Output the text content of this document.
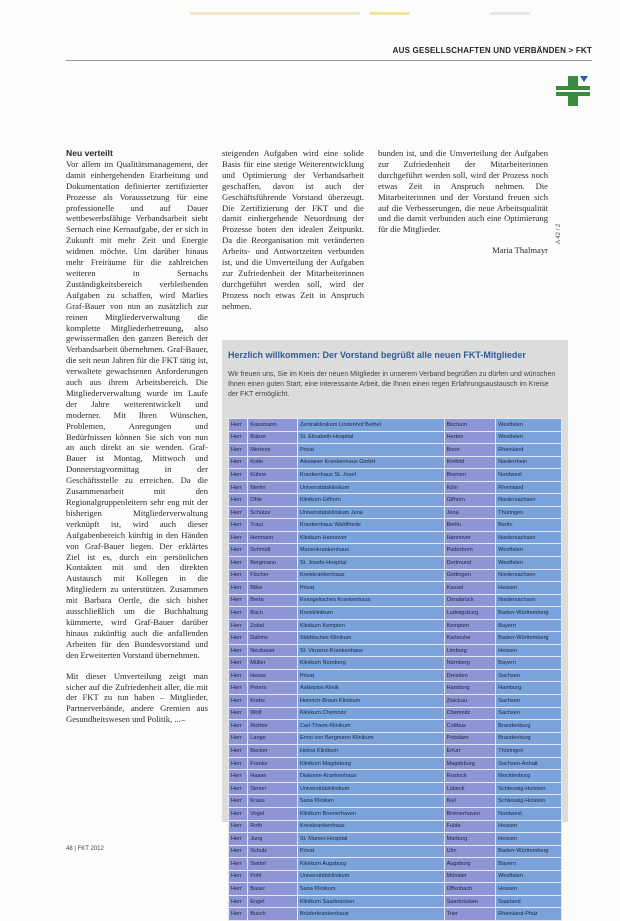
AUS GESELLSCHAFTEN UND VERBÄNDEN > FKT
Neu verteilt

Vor allem im Qualitätsmanagement, der damit einhergehenden Erarbeitung und Dokumentation definierter zertifizierter Prozesse als Voraussetzung für eine professionelle und auf Dauer wettbewerbsfähige Verbandsarbeit sieht Sernach eine Kernaufgabe, der er sich in Zukunft mit mehr Zeit und Energie widmen möchte. Um darüber hinaus mehr Freiräume für die zahlreichen weiteren in Sernachs Zuständigkeitsbereich verbleibenden Aufgaben zu schaffen, wird Marlies Graf-Bauer von nun an zusätzlich zur reinen Mitgliederverwaltung die komplette Mitgliederbetreuung, also gewissermaßen den ganzen Bereich der Verbandsarbeit übernehmen. Graf-Bauer, die seit neun Jahren für die FKT tätig ist, verwaltete gewachsenen Anforderungen auch aus ihrem Arbeitsbereich. Die Mitgliederverwaltung wurde im Laufe der Jahre weiterentwickelt und moderner. Mit Ihren Wünschen, Problemen, Anregungen und Bedürfnissen können Sie sich von nun an auch direkt an sie wenden. Graf-Bauer ist Montag, Mittwoch und Donnerstagvormittag in der Geschäftsstelle zu erreichen. Da die Zusammenarbeit mit den Regionalgruppenleitern sehr eng mit der bisherigen Mitgliederverwaltung verknüpft ist, wird auch dieser Aufgabenbereich künftig in den Händen von Graf-Bauer liegen. Der erklärtes Ziel ist es, durch ein persönlichen Kontakten mit und den direkten Austausch mit Kollegen in die Mitgliedern zu unterstützen. Zusammen mit Barbara Oertle, die sich bisher ausschließlich um die Buchhaltung kümmerte, wird Graf-Bauer darüber hinaus zukünftig auch die anfallenden Arbeiten für den Bundesvorstand und den Erweiterten Vorstand übernehmen.

Mit dieser Umverteilung zeigt man sicher auf die Zufriedenheit aller, die mit der FKT zu tun haben – Mitglieder, Partnerverbände, andere Gremien aus Gesundheitswesen und Politik, ...–

steigenden Aufgaben wird eine solide Basis für eine stetige Weiterentwicklung und Optimierung der Verbandsarbeit geschaffen, davon ist auch der Geschäftsführende Vorstand überzeugt. Die Zertifizierung der FKT und die damit einhergehende Neuordnung der Prozesse boten den idealen Zeitpunkt. Da die Reorganisation mit veränderten Arbeits- und Antwortzeiten verbunden ist, und die Umverteilung der Aufgaben zur Zufriedenheit der Mitarbeiterinnen durchgeführt werden soll, wird der Prozess noch etwas Zeit in Anspruch nehmen.

bunden ist, und die Umverteilung der Aufgaben zur Zufriedenheit der Mitarbeiterinnen durchgeführt werden soll, wird der Prozess noch etwas Zeit in Anspruch nehmen. Die Mitarbeiterinnen und der Vorstand freuen sich auf die Verbesserungen, die neue Arbeitsqualität und die damit verbunden auch eine Optimierung für die Mitglieder.

Maria Thalmayr
A 42 / 2
Herzlich willkommen: Der Vorstand begrüßt alle neuen FKT-Mitglieder
Wir freuen uns, Sie im Kreis der neuen Mitglieder in unserem Verband begrüßen zu dürfen und wünschen Ihnen einen guten Start, eine interessante Arbeit, die Ihnen einen regen Erfahrungsaustausch im Kreise der FKT ermöglicht.
Herr	Kassmann	Zentralklinikum Lindenhof Bethel	Bochum	Westfalen
Herr	Balzer	St. Elisabeth-Hospital	Herten	Westfalen
Herr	Mertens	Privat	Bonn	Rheinland
Herr	Kotte	Alexianer Krankenhaus GmbH	Krefeld	Niederrhein
Herr	Kühne	Krankenhaus St. Josef	Bremen	Nordwest
Herr	Merlin	Universitätsklinikum	Köln	Rheinland
Herr	Ohle	Klinikum Gifhorn	Gifhorn	Niedersachsen
Herr	Schütze	Universitätsklinikum Jena	Jena	Thüringen
Herr	Traut	Krankenhaus Waldfriede	Berlin	Berlin
Herr	Hermann	Klinikum Hannover	Hannover	Niedersachsen
Herr	Schmidt	Marienkrankenhaus	Paderborn	Westfalen
Herr	Bergmann	St. Josefs-Hospital	Dortmund	Westfalen
Herr	Fischer	Kreiskrankenhaus	Göttingen	Niedersachsen
Herr	Bilke	Privat	Kassel	Hessen
Herr	Berta	Evangelisches Krankenhaus	Osnabrück	Niedersachsen
Herr	Bach	Kreisklinikum	Ludwigsburg	Baden-Württemberg
Herr	Zobel	Klinikum Kempten	Kempten	Bayern
Herr	Dahme	Städtisches Klinikum	Karlsruhe	Baden-Württemberg
Herr	Neubauer	St. Vinzenz-Krankenhaus	Limburg	Hessen
Herr	Müller	Klinikum Nürnberg	Nürnberg	Bayern
Herr	Hesse	Privat	Dresden	Sachsen
Herr	Peters	Asklepios Klinik	Hamburg	Hamburg
Herr	Krebs	Heinrich-Braun-Klinikum	Zwickau	Sachsen
Herr	Wolf	Klinikum Chemnitz	Chemnitz	Sachsen
Herr	Richter	Carl-Thiem-Klinikum	Cottbus	Brandenburg
Herr	Lange	Ernst von Bergmann Klinikum	Potsdam	Brandenburg
Herr	Becker	Helios Klinikum	Erfurt	Thüringen
Herr	Franke	Klinikum Magdeburg	Magdeburg	Sachsen-Anhalt
Herr	Haase	Diakonie-Krankenhaus	Rostock	Mecklenburg
Herr	Simon	Universitätsklinikum	Lübeck	Schleswig-Holstein
Herr	Kraus	Sana Kliniken	Kiel	Schleswig-Holstein
Herr	Vogel	Klinikum Bremerhaven	Bremerhaven	Nordwest
Herr	Roth	Kreiskrankenhaus	Fulda	Hessen
Herr	Jung	St. Marien-Hospital	Marburg	Hessen
Herr	Schulz	Privat	Ulm	Baden-Württemberg
Herr	Seidel	Klinikum Augsburg	Augsburg	Bayern
Herr	Pohl	Universitätsklinikum	Münster	Westfalen
Herr	Bauer	Sana Klinikum	Offenbach	Hessen
Herr	Engel	Klinikum Saarbrücken	Saarbrücken	Saarland
Herr	Busch	Brüderkrankenhaus	Trier	Rheinland-Pfalz
48 | FKT 2012
